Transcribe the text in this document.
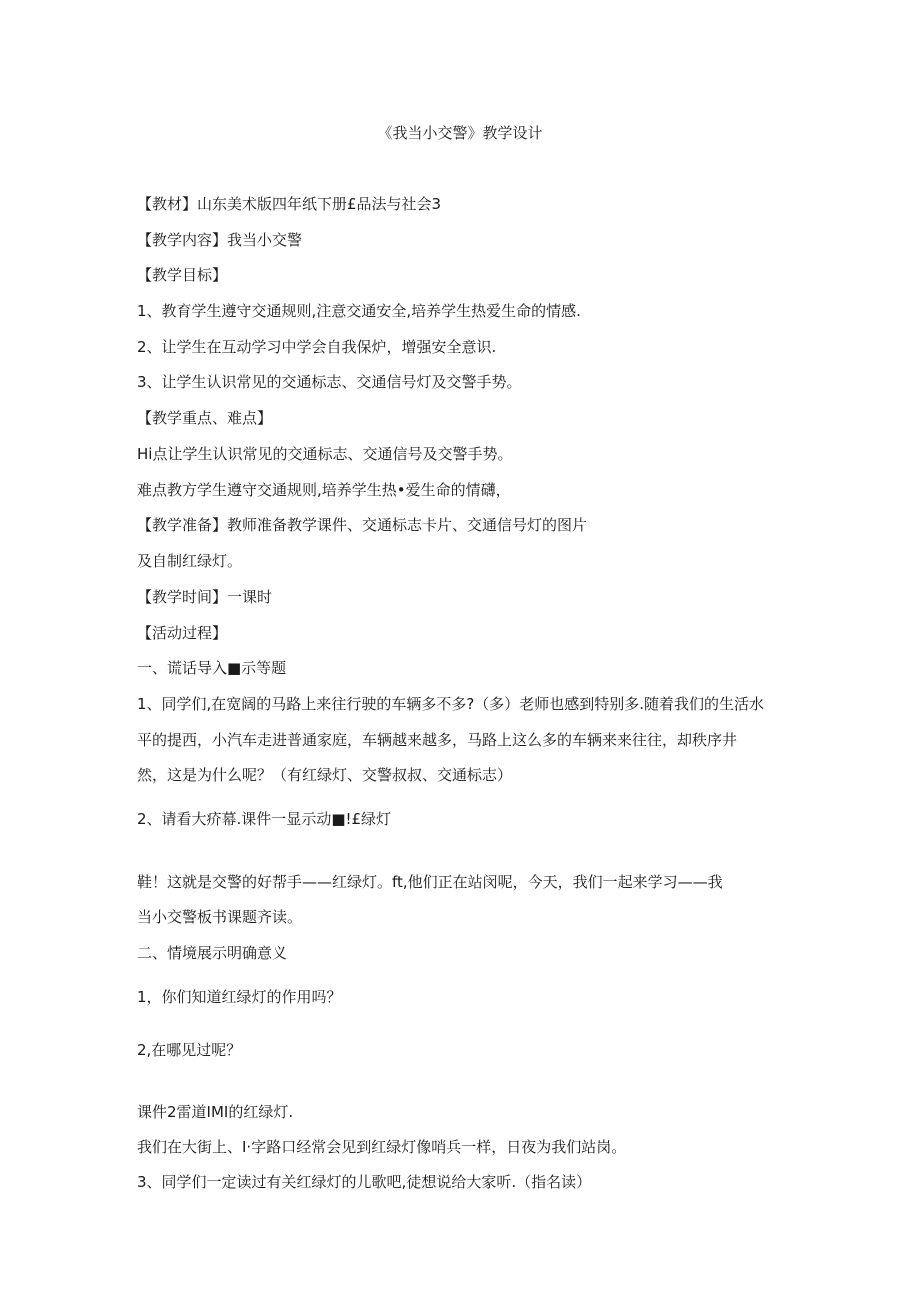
《我当小交警》教学设计
【教材】山东美术版四年纸下册£品法与社会3
【教学内容】我当小交警
【教学目标】
1、教育学生遵守交通规则,注意交通安全,培养学生热爱生命的情感.
2、让学生在互动学习中学会自我保炉，增强安全意识.
3、让学生认识常见的交通标志、交通信号灯及交警手势。
【教学重点、难点】
Hi点让学生认识常见的交通标志、交通信号及交警手势。
难点教方学生遵守交通规则,培养学生热•爱生命的情礴，
【教学准备】教师准备教学课件、交通标志卡片、交通信号灯的图片
及自制红绿灯。
【教学时间】一课时
【活动过程】
一、谎话导入■示等题
1、同学们,在宽阔的马路上来往行驶的车辆多不多?（多）老师也感到特别多.随着我们的生活水
平的提西，小汽车走进普通家庭，车辆越来越多，马路上这么多的车辆来来往往，却秩序井
然，这是为什么呢？（有红绿灯、交警叔叔、交通标志）
2、请看大疥幕.课件一显示动■!£绿灯
鞋！这就是交警的好帮手——红绿灯。ft,他们正在站闵呢，今天，我们一起来学习——我
当小交警板书课题齐读。
二、情境展示明确意义
1，你们知道红绿灯的作用吗？
2,在哪见过呢？
课件2雷道IMI的红绿灯.
我们在大街上、I·字路口经常会见到红绿灯像哨兵一样，日夜为我们站岗。
3、同学们一定读过有关红绿灯的儿歌吧,徒想说给大家听.（指名读）
